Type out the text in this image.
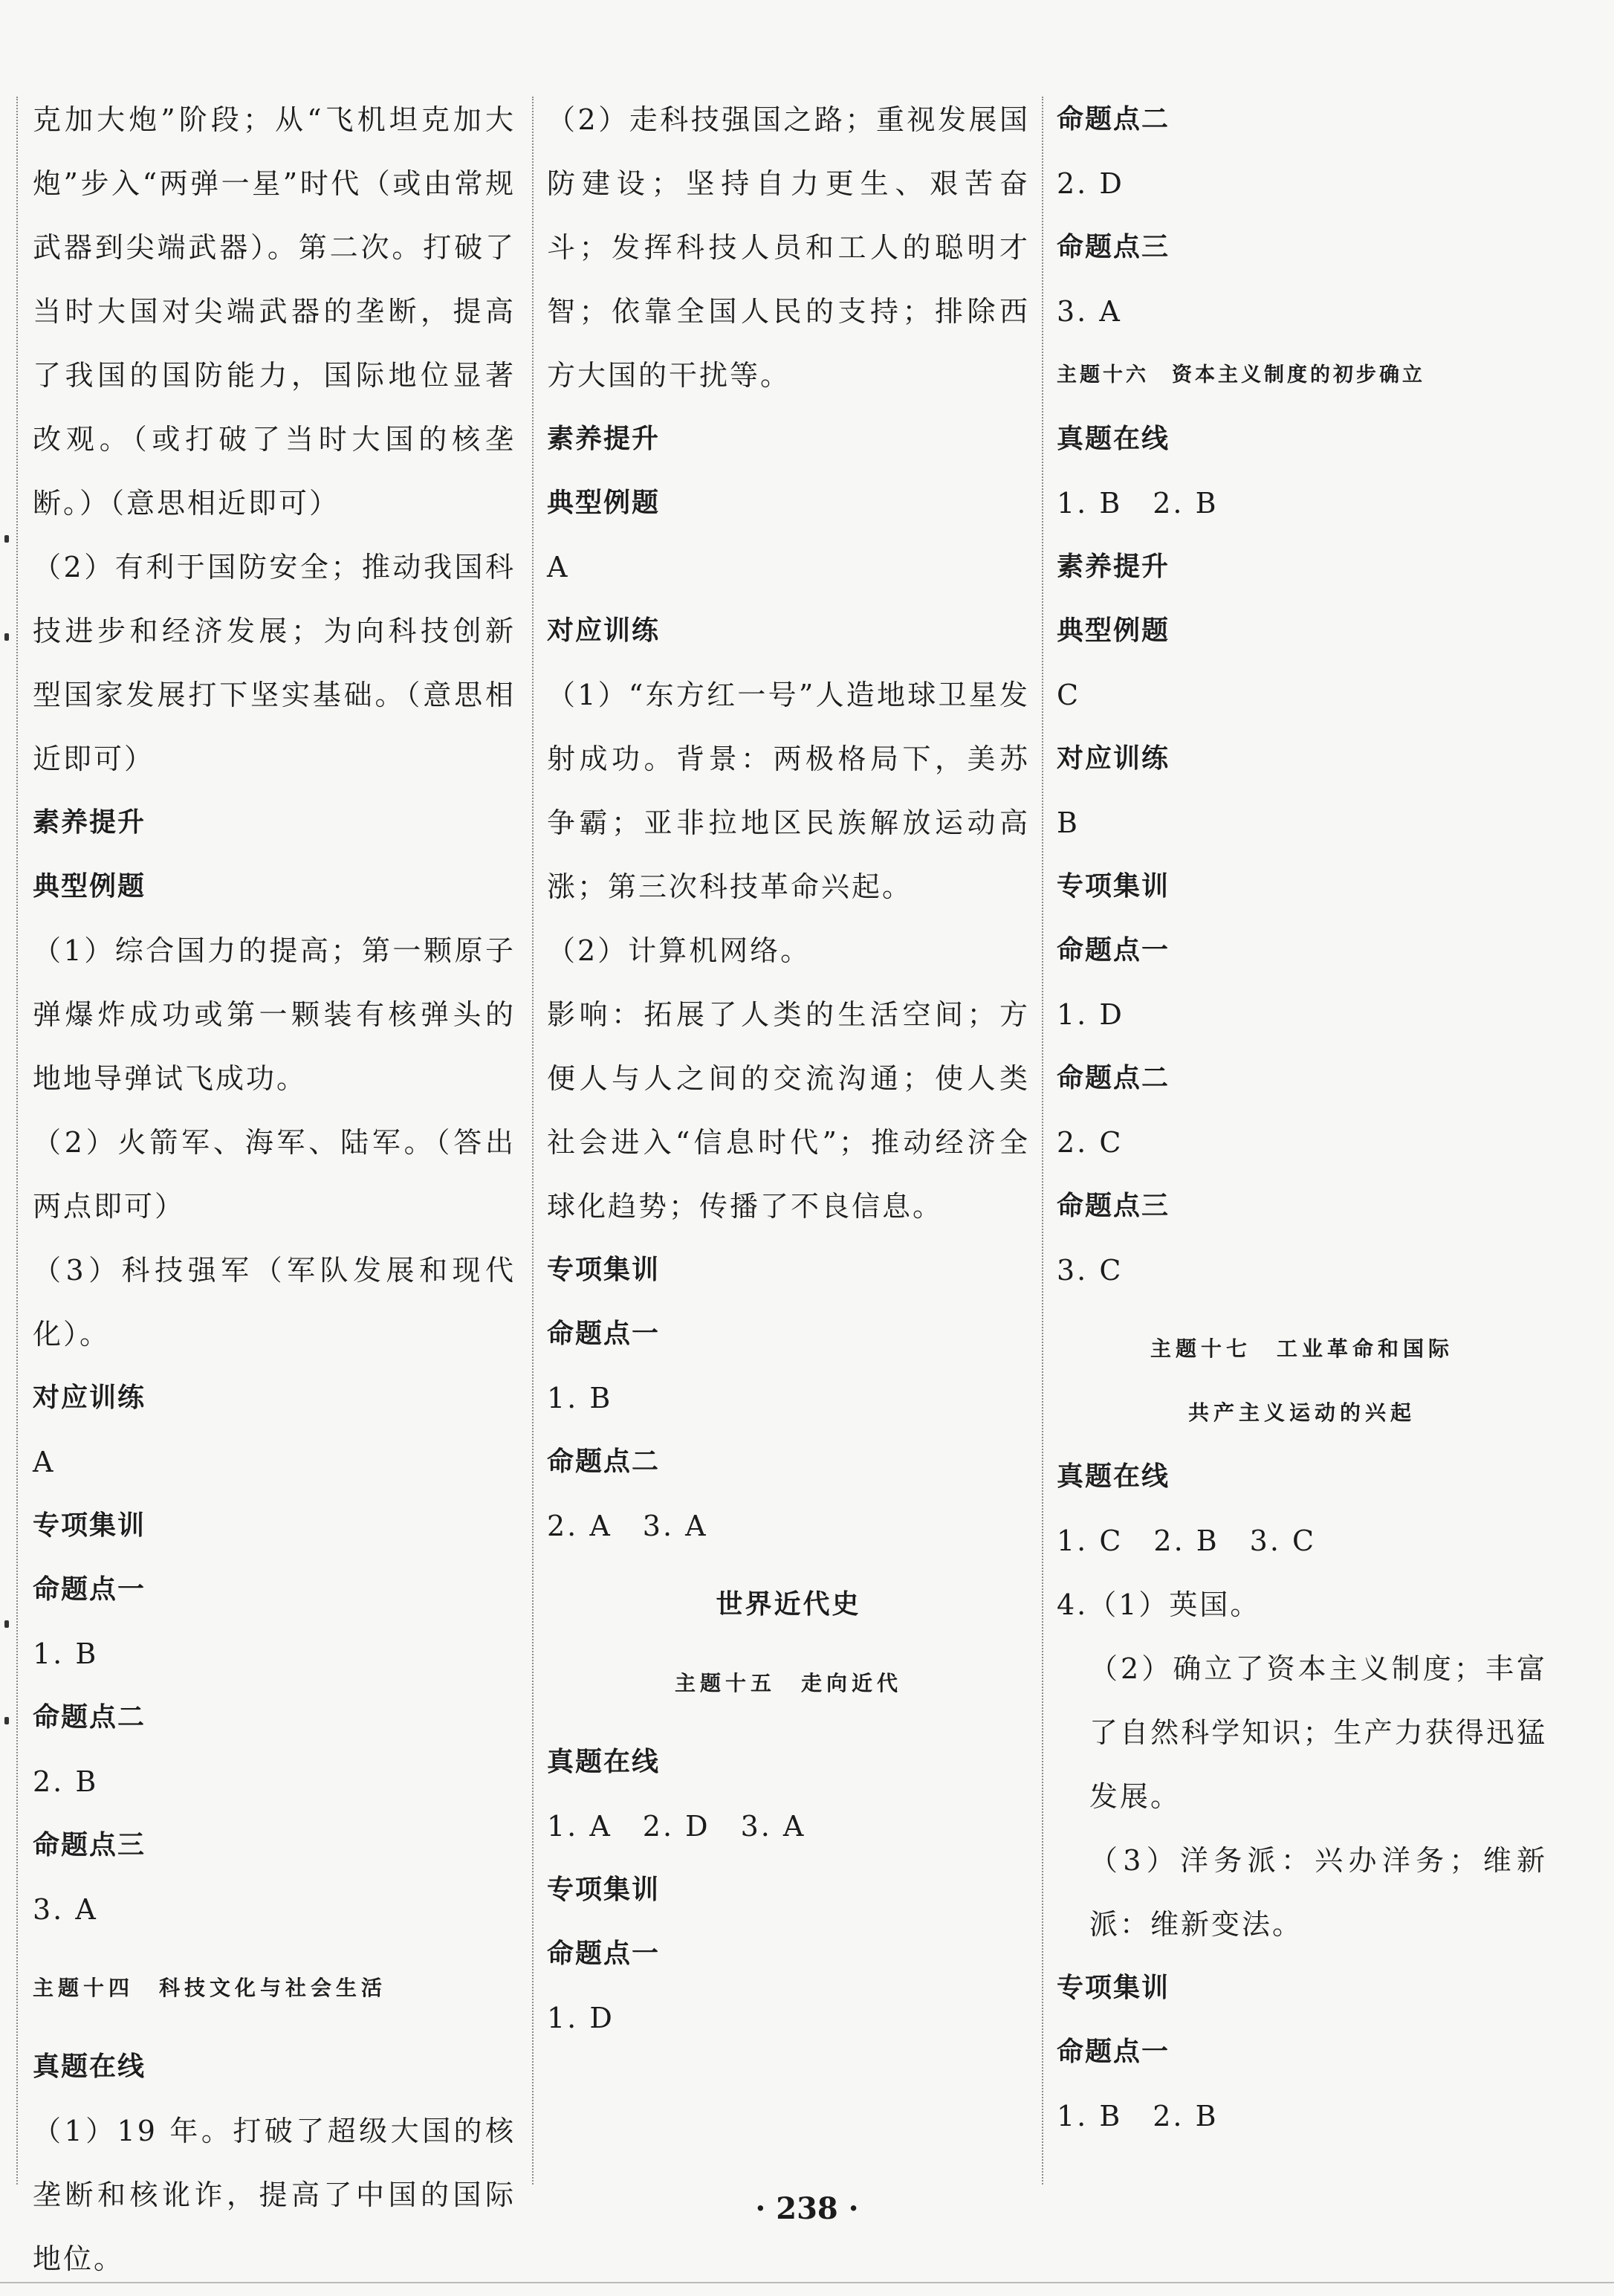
克加大炮”阶段；从“飞机坦克加大炮”步入“两弹一星”时代（或由常规武器到尖端武器）。第二次。打破了当时大国对尖端武器的垄断，提高了我国的国防能力，国际地位显著改观。（或打破了当时大国的核垄断。）（意思相近即可）

（2）有利于国防安全；推动我国科技进步和经济发展；为向科技创新型国家发展打下坚实基础。（意思相近即可）

素养提升

典型例题

（1）综合国力的提高；第一颗原子弹爆炸成功或第一颗装有核弹头的地地导弹试飞成功。

（2）火箭军、海军、陆军。（答出两点即可）

（3）科技强军（军队发展和现代化）。

对应训练

A

专项集训

命题点一

1. B

命题点二

2. B

命题点三

3. A

主题十四　科技文化与社会生活

真题在线

（1）19 年。打破了超级大国的核垄断和核讹诈，提高了中国的国际地位。

（2）走科技强国之路；重视发展国防建设；坚持自力更生、艰苦奋斗；发挥科技人员和工人的聪明才智；依靠全国人民的支持；排除西方大国的干扰等。

素养提升

典型例题

A

对应训练

（1）“东方红一号”人造地球卫星发射成功。背景：两极格局下，美苏争霸；亚非拉地区民族解放运动高涨；第三次科技革命兴起。

（2）计算机网络。

影响：拓展了人类的生活空间；方便人与人之间的交流沟通；使人类社会进入“信息时代”；推动经济全球化趋势；传播了不良信息。

专项集训

命题点一

1. B

命题点二

2. A　3. A

世界近代史

主题十五　走向近代

真题在线

1. A　2. D　3. A

专项集训

命题点一

1. D

命题点二

2. D

命题点三

3. A

主题十六　资本主义制度的初步确立

真题在线

1. B　2. B

素养提升

典型例题

C

对应训练

B

专项集训

命题点一

1. D

命题点二

2. C

命题点三

3. C

主题十七　工业革命和国际

共产主义运动的兴起

真题在线

1. C　2. B　3. C

4.（1）英国。

（2）确立了资本主义制度；丰富了自然科学知识；生产力获得迅猛发展。

（3）洋务派：兴办洋务；维新派：维新变法。

专项集训

命题点一

1. B　2. B

· 238 ·
